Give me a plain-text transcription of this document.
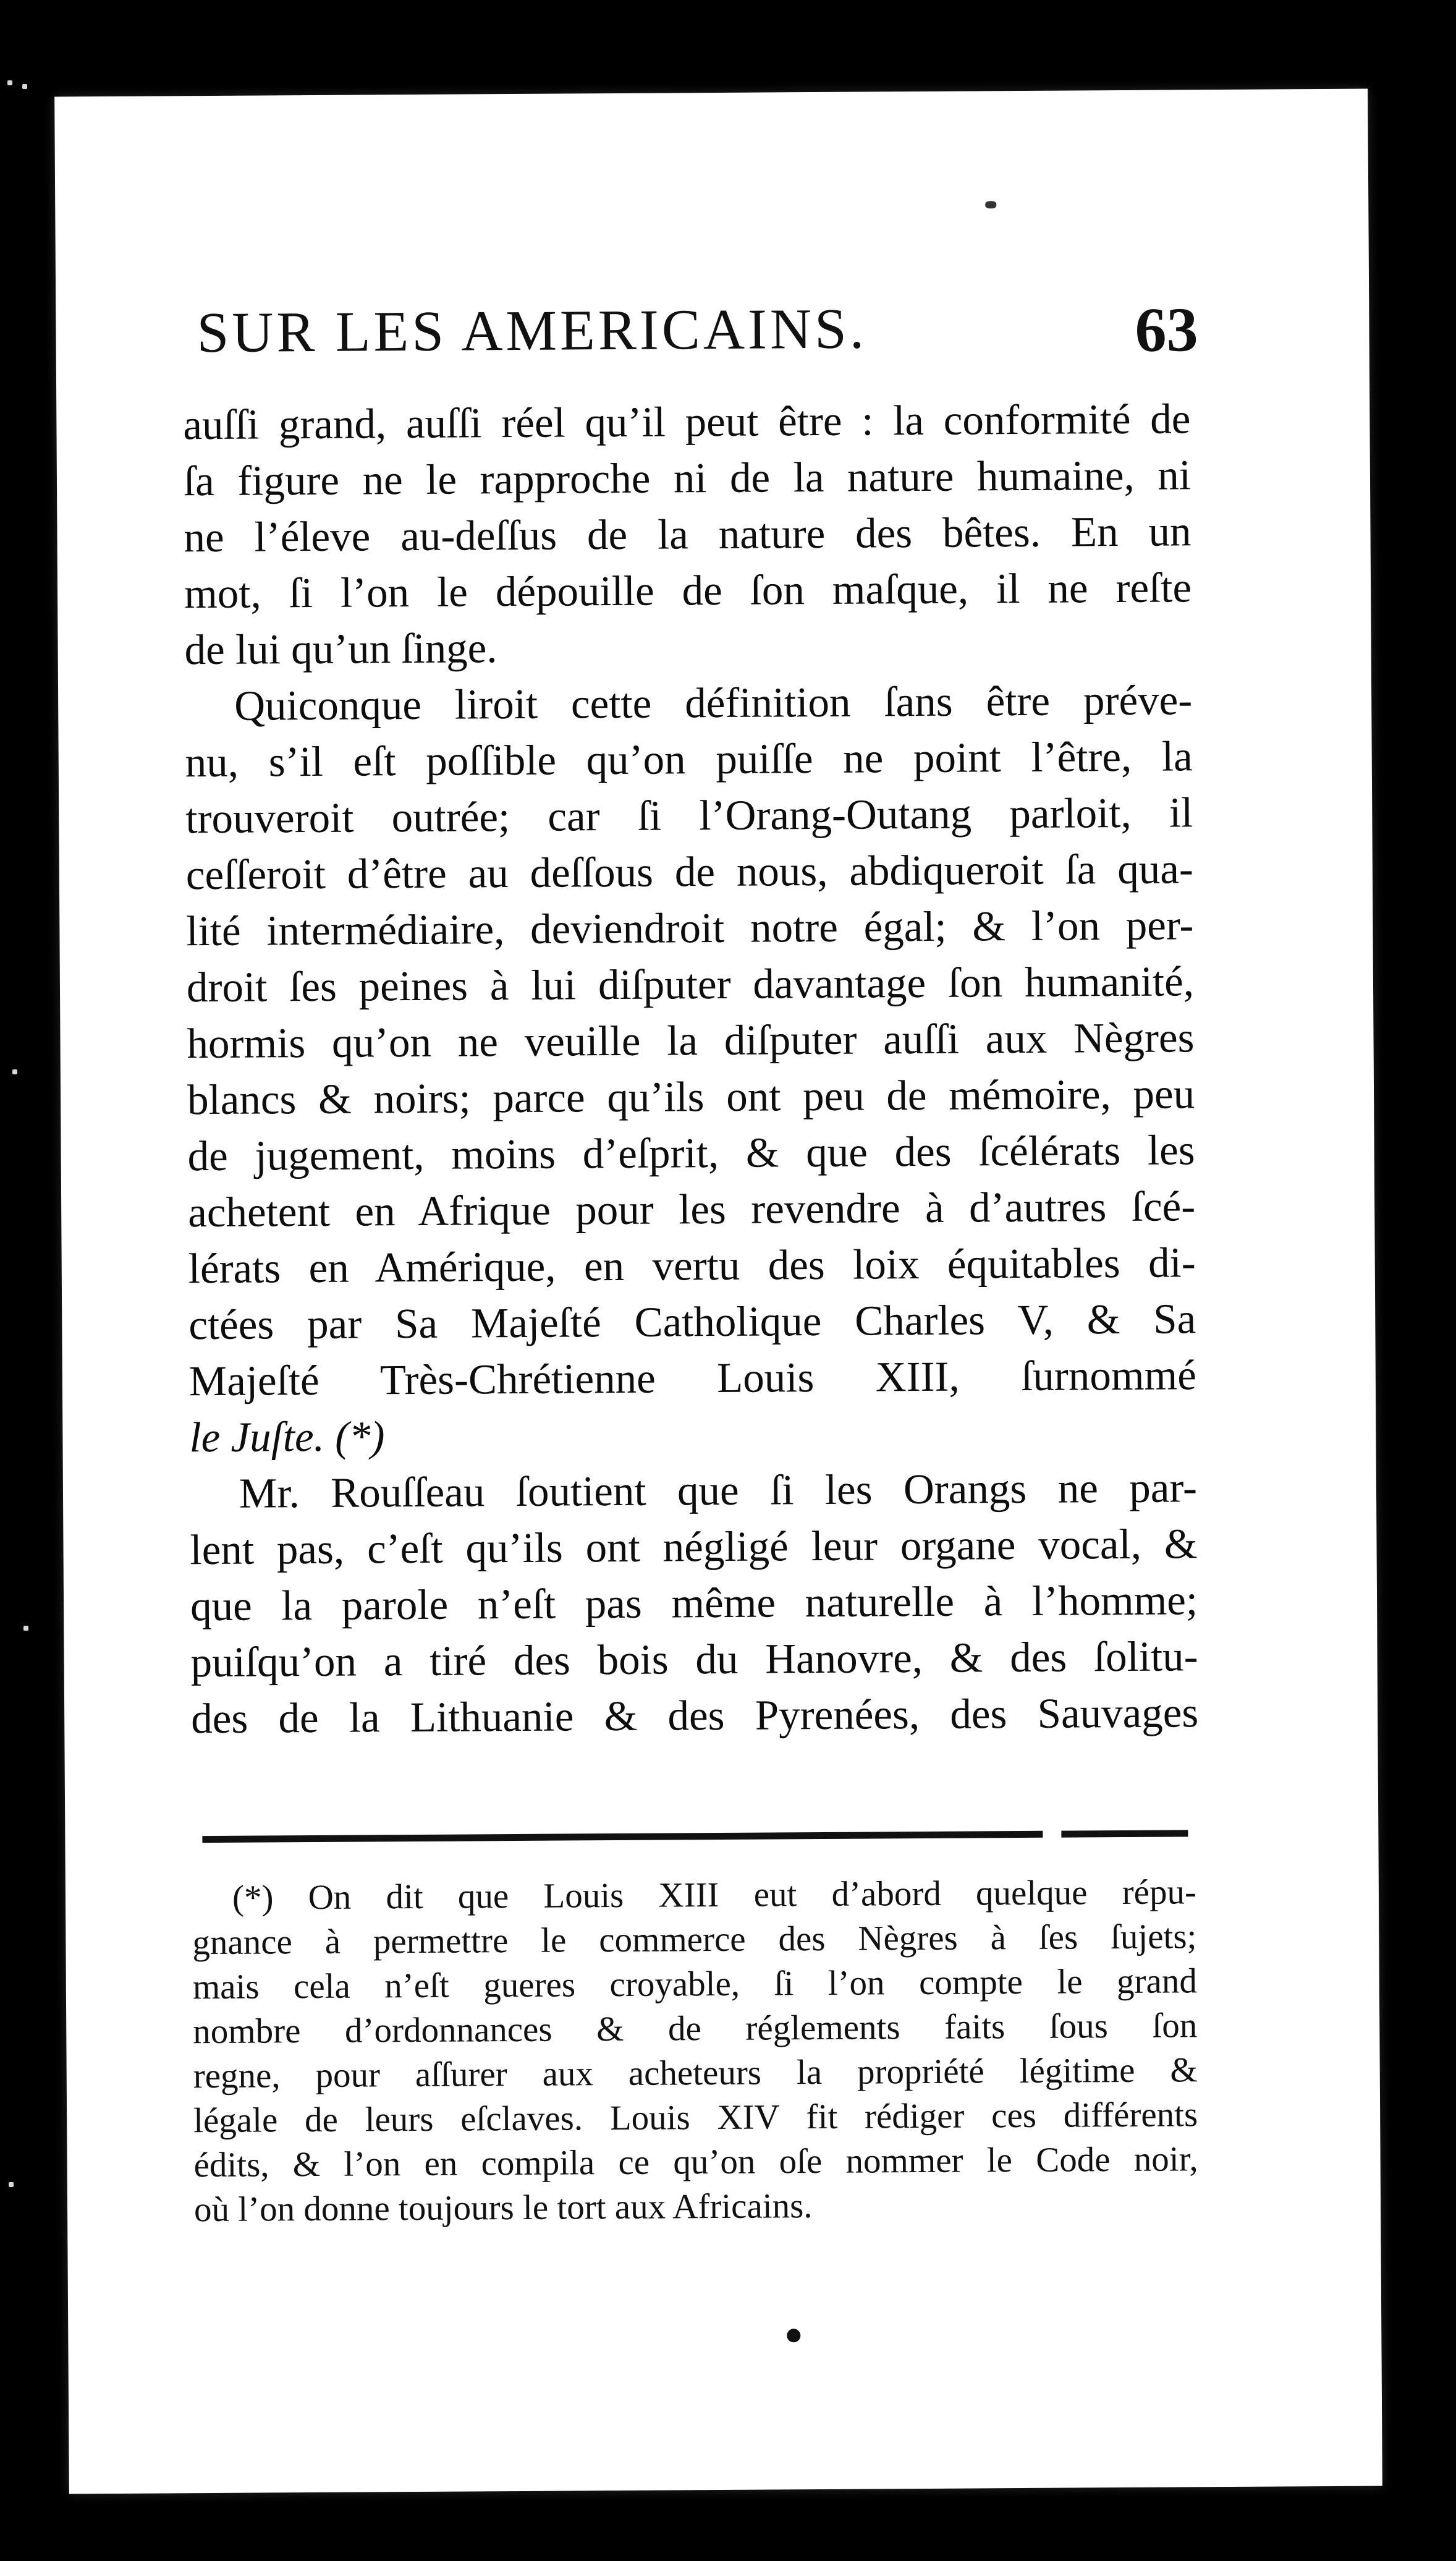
SUR LES AMERICAINS.	63
auſſi grand, auſſi réel qu’il peut être : la conformité de
ſa figure ne le rapproche ni de la nature humaine, ni
ne l’éleve au-deſſus de la nature des bêtes. En un
mot, ſi l’on le dépouille de ſon maſque, il ne reſte
de lui qu’un ſinge.
Quiconque liroit cette définition ſans être préve-
nu, s’il eſt poſſible qu’on puiſſe ne point l’être, la
trouveroit outrée; car ſi l’Orang-Outang parloit, il
ceſſeroit d’être au deſſous de nous, abdiqueroit ſa qua-
lité intermédiaire, deviendroit notre égal; & l’on per-
droit ſes peines à lui diſputer davantage ſon humanité,
hormis qu’on ne veuille la diſputer auſſi aux Nègres
blancs & noirs; parce qu’ils ont peu de mémoire, peu
de jugement, moins d’eſprit, & que des ſcélérats les
achetent en Afrique pour les revendre à d’autres ſcé-
lérats en Amérique, en vertu des loix équitables di-
ctées par Sa Majeſté Catholique Charles V, & Sa
Majeſté Très-Chrétienne Louis XIII, ſurnommé
le Juſte. (*)
Mr. Rouſſeau ſoutient que ſi les Orangs ne par-
lent pas, c’eſt qu’ils ont négligé leur organe vocal, &
que la parole n’eſt pas même naturelle à l’homme;
puiſqu’on a tiré des bois du Hanovre, & des ſolitu-
des de la Lithuanie & des Pyrenées, des Sauvages
(*) On dit que Louis XIII eut d’abord quelque répu-
gnance à permettre le commerce des Nègres à ſes ſujets;
mais cela n’eſt gueres croyable, ſi l’on compte le grand
nombre d’ordonnances & de réglements faits ſous ſon
regne, pour aſſurer aux acheteurs la propriété légitime &
légale de leurs eſclaves. Louis XIV fit rédiger ces différents
édits, & l’on en compila ce qu’on oſe nommer le Code noir,
où l’on donne toujours le tort aux Africains.
